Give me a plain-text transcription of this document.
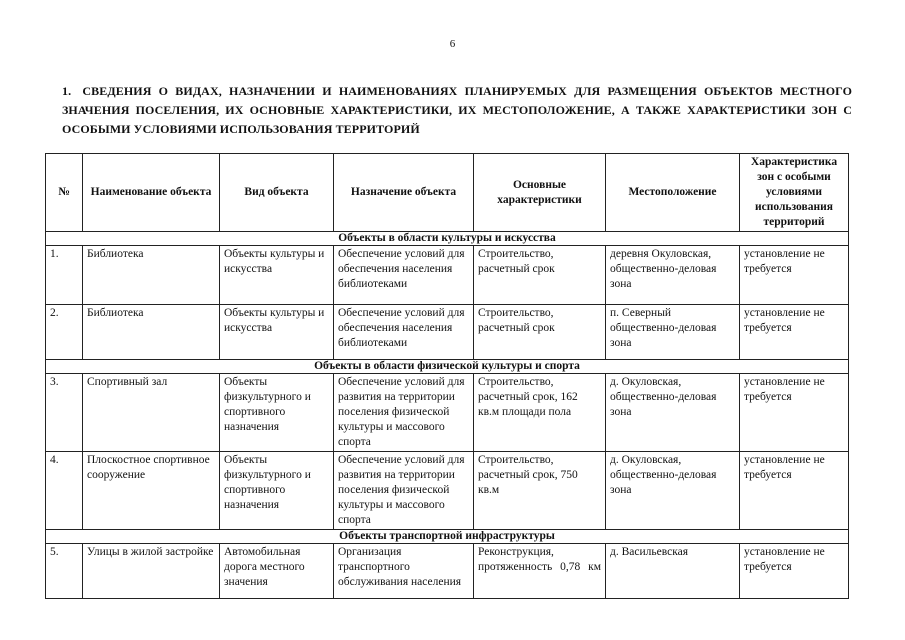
6
1. СВЕДЕНИЯ О ВИДАХ, НАЗНАЧЕНИИ И НАИМЕНОВАНИЯХ ПЛАНИРУЕМЫХ ДЛЯ РАЗМЕЩЕНИЯ ОБЪЕКТОВ МЕСТНОГО ЗНАЧЕНИЯ ПОСЕЛЕНИЯ, ИХ ОСНОВНЫЕ ХАРАКТЕРИСТИКИ, ИХ МЕСТОПОЛОЖЕНИЕ, А ТАКЖЕ ХАРАКТЕРИСТИКИ ЗОН С ОСОБЫМИ УСЛОВИЯМИ ИСПОЛЬЗОВАНИЯ ТЕРРИТОРИЙ
№	Наименование объекта	Вид объекта	Назначение объекта	Основные характеристики	Местоположение	Характеристика зон с особыми условиями использования территорий
Объекты в области культуры и искусства						
1.	Библиотека	Объекты культуры и искусства	Обеспечение условий для обеспечения населения библиотеками	Строительство, расчетный срок	деревня Окуловская, общественно-деловая зона	установление не требуется
2.	Библиотека	Объекты культуры и искусства	Обеспечение условий для обеспечения населения библиотеками	Строительство, расчетный срок	п. Северный общественно-деловая зона	установление не требуется
Объекты в области физической культуры и спорта						
3.	Спортивный зал	Объекты физкультурного и спортивного назначения	Обеспечение условий для развития на территории поселения физической культуры и массового спорта	Строительство, расчетный срок, 162 кв.м площади пола	д. Окуловская, общественно-деловая зона	установление не требуется
4.	Плоскостное спортивное сооружение	Объекты физкультурного и спортивного назначения	Обеспечение условий для развития на территории поселения физической культуры и массового спорта	Строительство, расчетный срок, 750 кв.м	д. Окуловская, общественно-деловая зона	установление не требуется
Объекты транспортной инфраструктуры						
5.	Улицы в жилой застройке	Автомобильная дорога местного значения	Организация транспортного обслуживания населения	Реконструкция, протяженность 0,78 км	д. Васильевская	установление не требуется
